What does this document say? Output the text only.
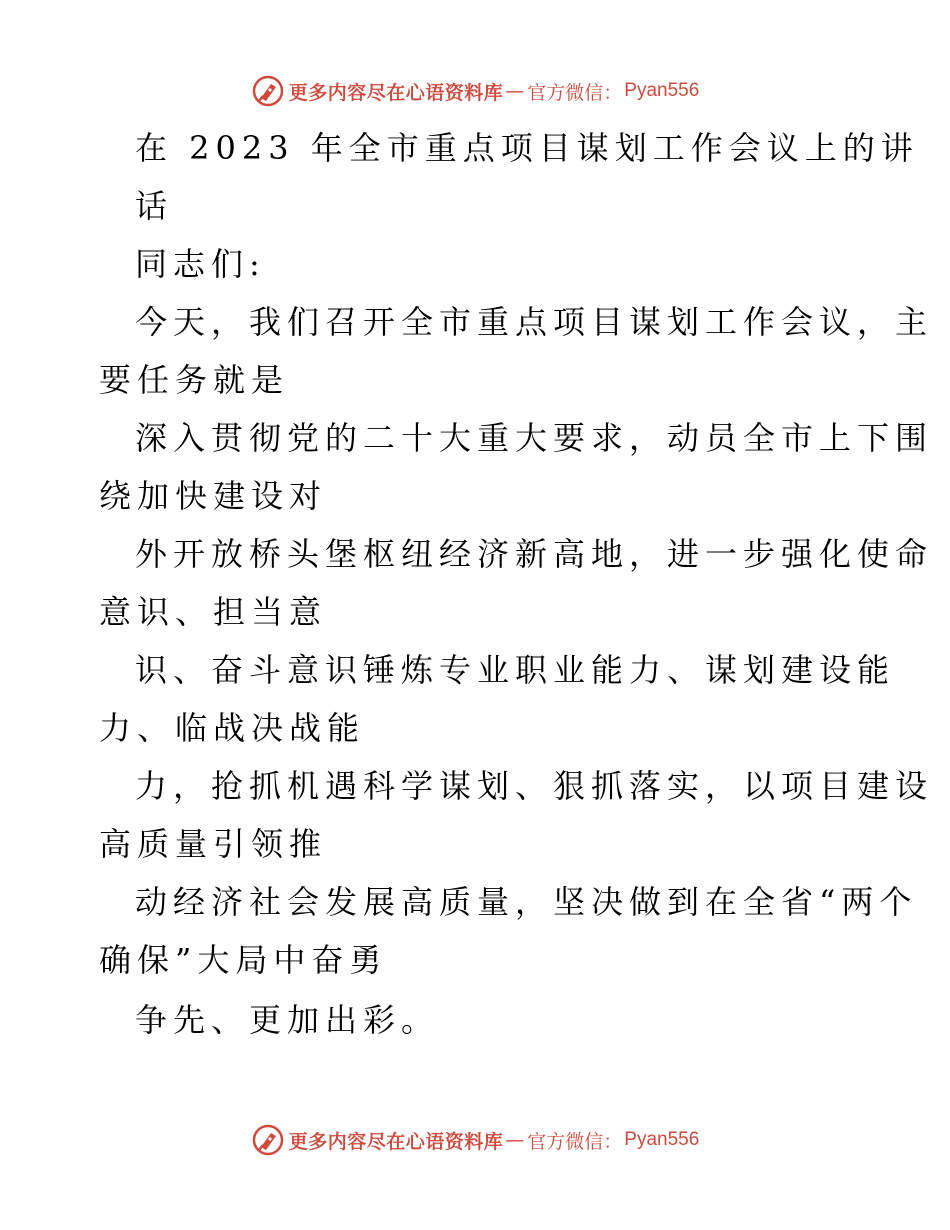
更多内容尽在心语资料库 — 官方微信 ： Pyan556
在 2023 年全市重点项目谋划工作会议上的讲
话
同志们:
今天，我们召开全市重点项目谋划工作会议，主
要任务就是
深入贯彻党的二十大重大要求，动员全市上下围
绕加快建设对
外开放桥头堡枢纽经济新高地，进一步强化使命
意识、担当意
识、奋斗意识锤炼专业职业能力、谋划建设能
力、临战决战能
力，抢抓机遇科学谋划、狠抓落实，以项目建设
高质量引领推
动经济社会发展高质量，坚决做到在全省“两个
确保”大局中奋勇
争先、更加出彩。
更多内容尽在心语资料库 — 官方微信 ： Pyan556
